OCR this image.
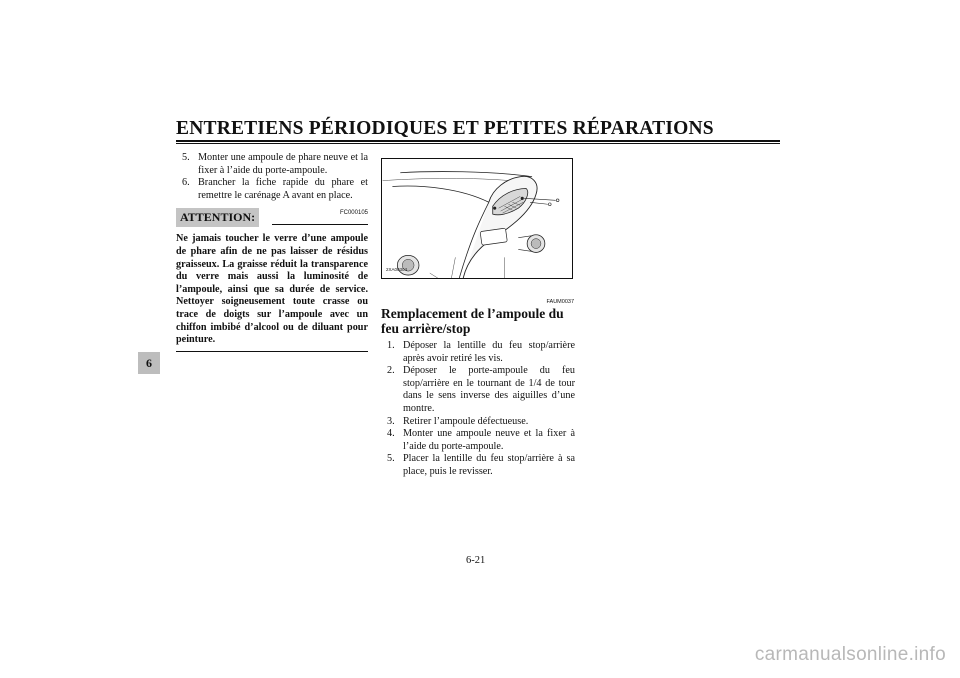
ENTRETIENS PÉRIODIQUES ET PETITES RÉPARATIONS
6
5. Monter une ampoule de phare neuve et la fixer à l’aide du porte-ampoule.
6. Brancher la fiche rapide du phare et remettre le carénage A avant en place.
ATTENTION:	FC000105
Ne jamais toucher le verre d’une ampoule de phare afin de ne pas laisser de résidus graisseux. La graisse réduit la transparence du verre mais aussi la luminosité de l’ampoule, ainsi que sa durée de service. Nettoyer soigneusement toute crasse ou trace de doigts sur l’ampoule avec un chiffon imbibé d’alcool ou de diluant pour peinture.
2XA00304
FAUM0037
Remplacement de l’ampoule du feu arrière/stop
1. Déposer la lentille du feu stop/arrière après avoir retiré les vis.
2. Déposer le porte-ampoule du feu stop/arrière en le tournant de 1/4 de tour dans le sens inverse des aiguilles d’une montre.
3. Retirer l’ampoule défectueuse.
4. Monter une ampoule neuve et la fixer à l’aide du porte-ampoule.
5. Placer la lentille du feu stop/arrière à sa place, puis le revisser.
6-21
carmanualsonline.info
